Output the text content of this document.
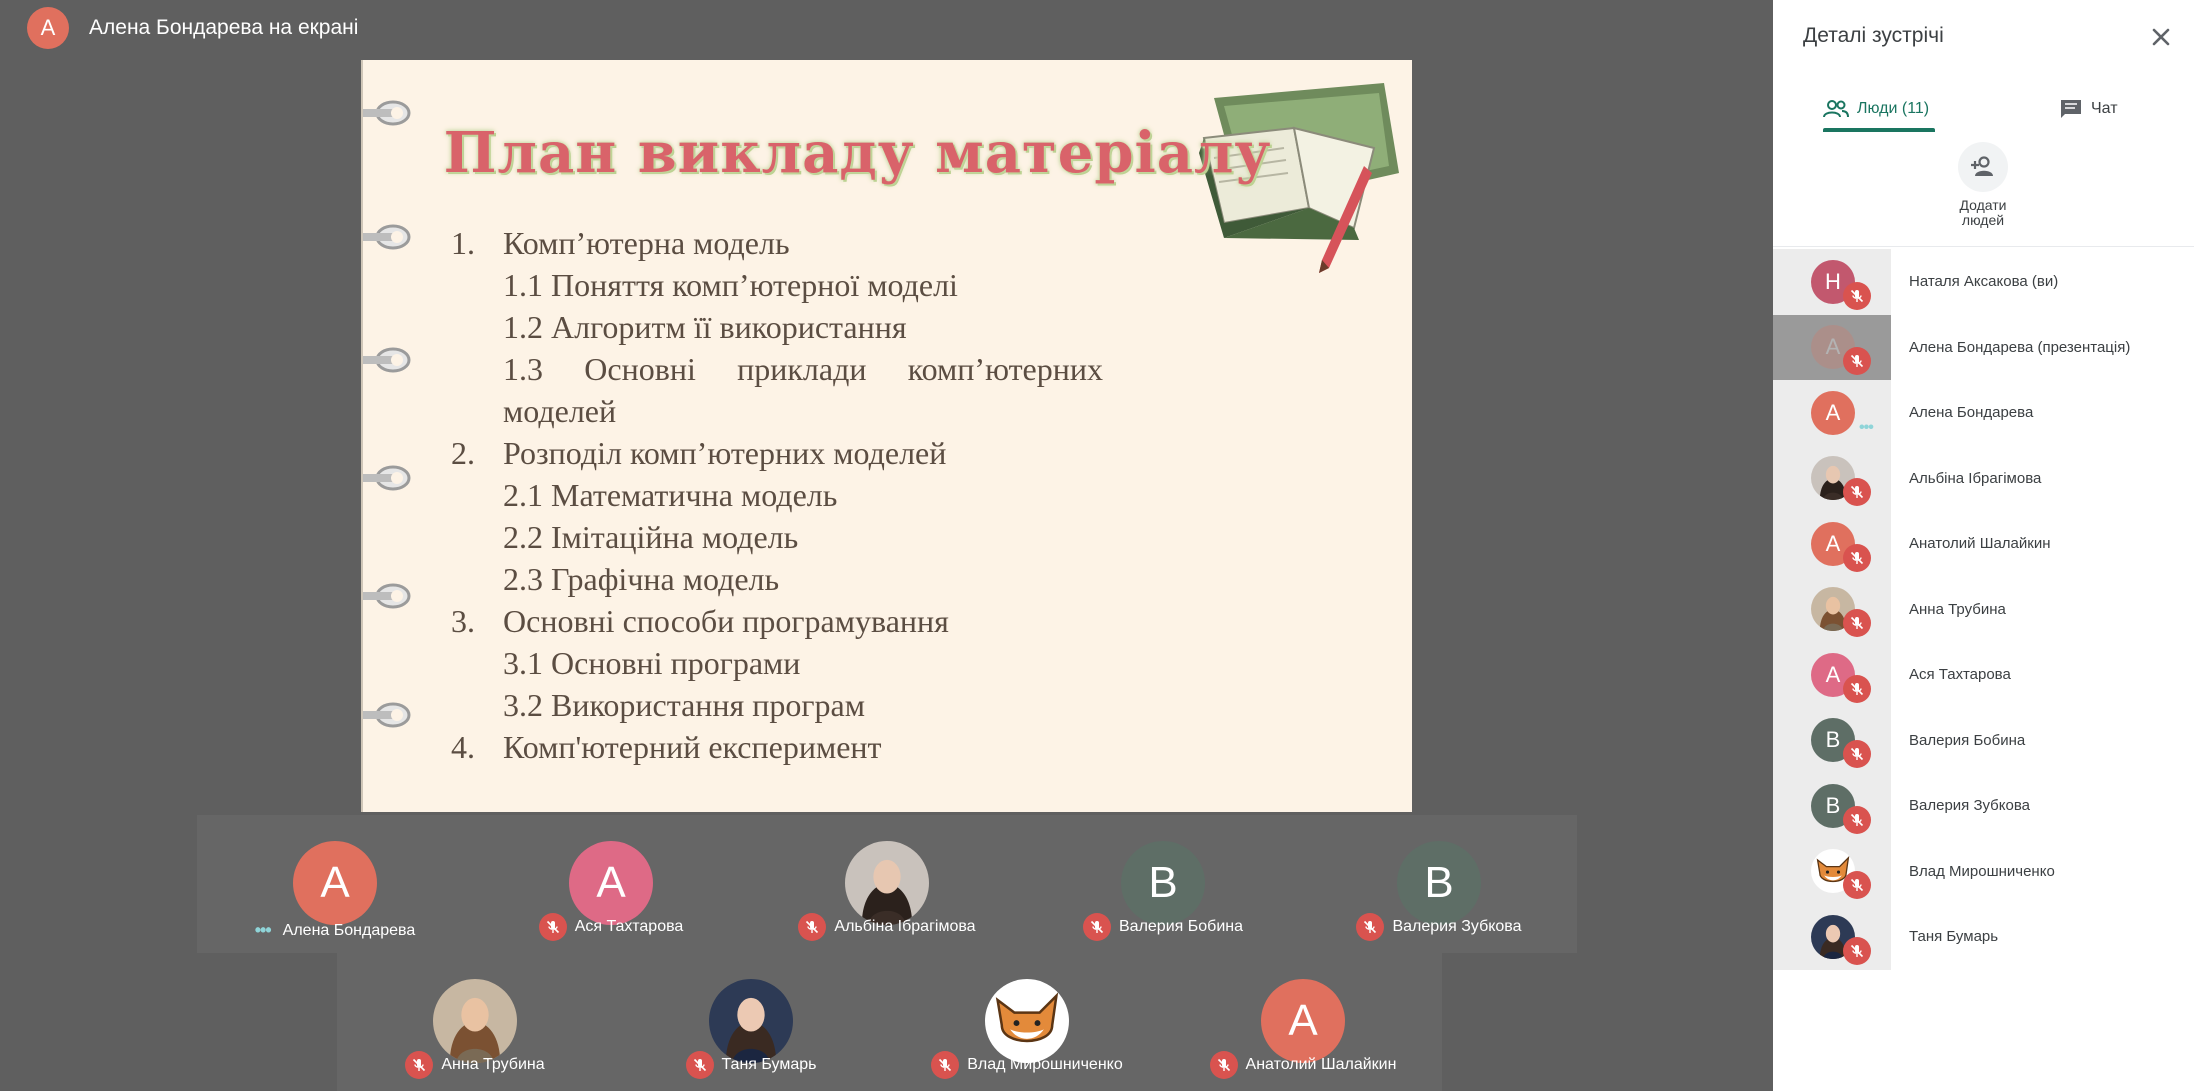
А	Алена Бондарева на екрані
План викладу матеріалу
1. Комп’ютерна модель
1.1 Поняття комп’ютерної моделі
1.2 Алгоритм її використання
1.3 Основні приклади комп’ютерних
моделей
2. Розподіл комп’ютерних моделей
2.1 Математична модель
2.2 Імітаційна модель
2.3 Графічна модель
3. Основні способи програмування
3.1 Основні програми
3.2 Використання програм
4. Комп'ютерний експеримент
А
••• Алена Бондарева
А
Ася Тахтарова	Альбіна Ібрагімова
В
Валерия Бобина
В
Валерия Зубкова
Анна Трубина	Таня Бумарь	Влад Мирошниченко
А
Анатолий Шалайкин
Деталі зустрічі
Люди (11)	Чат
Додати
людей
Н	Наталя Аксакова (ви)
А	Алена Бондарева (презентація)
А
•••
Алена Бондарева
Альбіна Ібрагімова
А	Анатолий Шалайкин
Анна Трубина
А	Ася Тахтарова
В	Валерия Бобина
В	Валерия Зубкова
Влад Мирошниченко
Таня Бумарь
